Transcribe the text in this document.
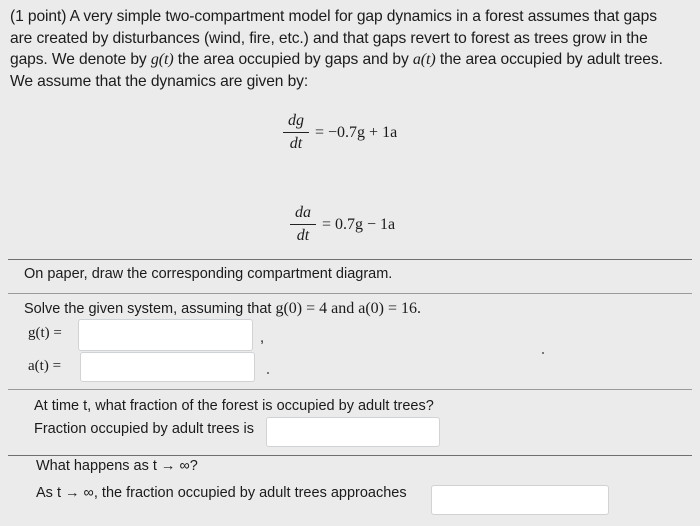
(1 point) A very simple two-compartment model for gap dynamics in a forest assumes that gaps

are created by disturbances (wind, fire, etc.) and that gaps revert to forest as trees grow in the

gaps. We denote by g(t) the area occupied by gaps and by a(t) the area occupied by adult trees.

We assume that the dynamics are given by:

$\frac{dg}{dt} = -0.7g + 1a$
$\frac{da}{dt} = 0.7g - 1a$
On paper, draw the corresponding compartment diagram.
Solve the given system, assuming that g(0) = 4 and a(0) = 16.
g(t) =	,
a(t) =
At time t, what fraction of the forest is occupied by adult trees?
Fraction occupied by adult trees is
What happens as t → ∞?
As t → ∞, the fraction occupied by adult trees approaches
